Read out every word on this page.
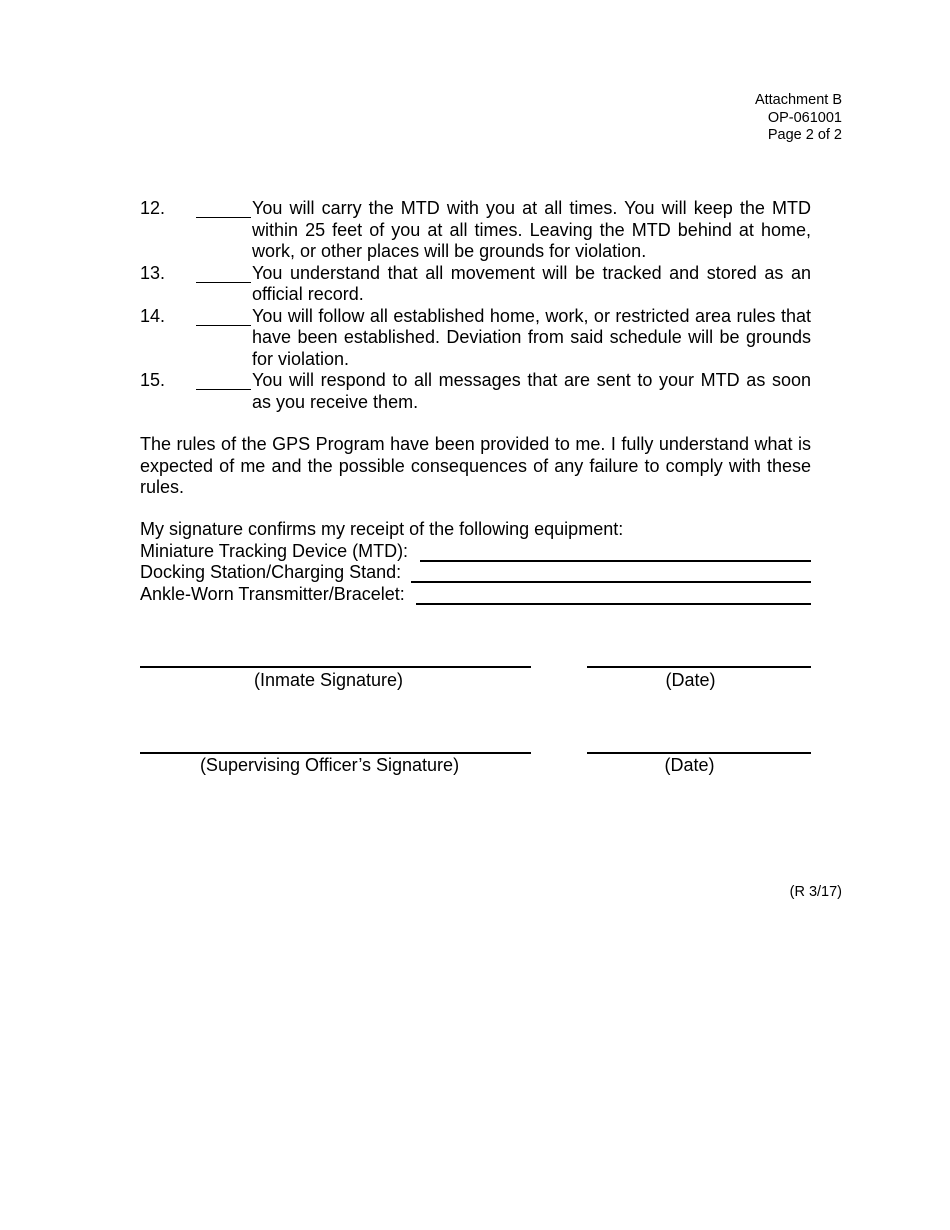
Attachment B
OP-061001
Page 2 of 2
12.	You will carry the MTD with you at all times. You will keep the MTD within 25 feet of you at all times. Leaving the MTD behind at home, work, or other places will be grounds for violation.
13.	You understand that all movement will be tracked and stored as an official record.
14.	You will follow all established home, work, or restricted area rules that have been established. Deviation from said schedule will be grounds for violation.
15.	You will respond to all messages that are sent to your MTD as soon as you receive them.
The rules of the GPS Program have been provided to me. I fully understand what is expected of me and the possible consequences of any failure to comply with these rules.
My signature confirms my receipt of the following equipment:
Miniature Tracking Device (MTD):
Docking Station/Charging Stand:
Ankle-Worn Transmitter/Bracelet:
(Inmate Signature)	(Date)
(Supervising Officer’s Signature)	(Date)
(R 3/17)
